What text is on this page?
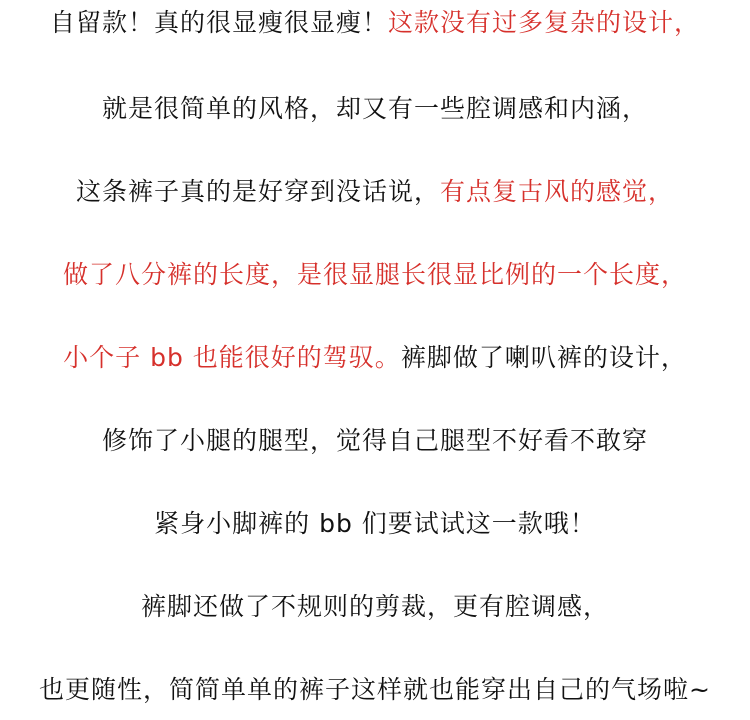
自留款！真的很显瘦很显瘦！这款没有过多复杂的设计，
就是很简单的风格，却又有一些腔调感和内涵，
这条裤子真的是好穿到没话说，有点复古风的感觉，
做了八分裤的长度，是很显腿长很显比例的一个长度，
小个子 bb 也能很好的驾驭。裤脚做了喇叭裤的设计，
修饰了小腿的腿型，觉得自己腿型不好看不敢穿
紧身小脚裤的 bb 们要试试这一款哦！
裤脚还做了不规则的剪裁，更有腔调感，
也更随性，简简单单的裤子这样就也能穿出自己的气场啦~
